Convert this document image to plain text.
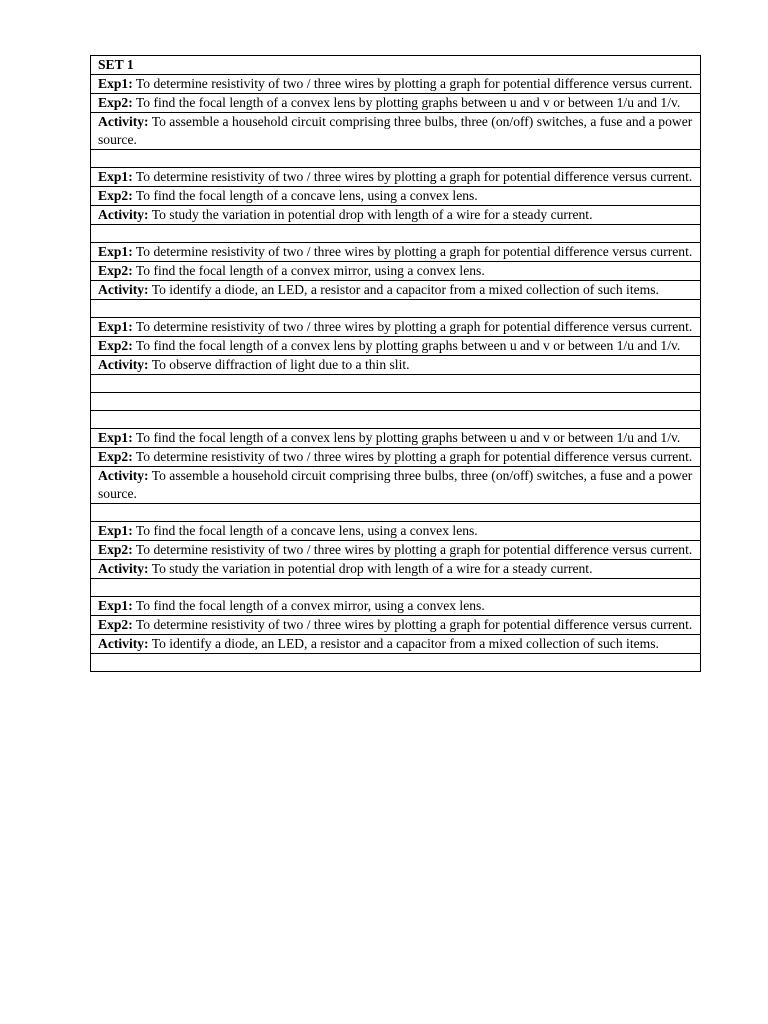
SET 1
Exp1: To determine resistivity of two / three wires by plotting a graph for potential difference versus current.
Exp2: To find the focal length of a convex lens by plotting graphs between u and v or between 1/u and 1/v.
Activity: To assemble a household circuit comprising three bulbs, three (on/off) switches, a fuse and a power source.

Exp1: To determine resistivity of two / three wires by plotting a graph for potential difference versus current.
Exp2: To find the focal length of a concave lens, using a convex lens.
Activity: To study the variation in potential drop with length of a wire for a steady current.

Exp1: To determine resistivity of two / three wires by plotting a graph for potential difference versus current.
Exp2: To find the focal length of a convex mirror, using a convex lens.
Activity: To identify a diode, an LED, a resistor and a capacitor from a mixed collection of such items.

Exp1: To determine resistivity of two / three wires by plotting a graph for potential difference versus current.
Exp2: To find the focal length of a convex lens by plotting graphs between u and v or between 1/u and 1/v.
Activity: To observe diffraction of light due to a thin slit.

Exp1: To find the focal length of a convex lens by plotting graphs between u and v or between 1/u and 1/v.
Exp2: To determine resistivity of two / three wires by plotting a graph for potential difference versus current.
Activity: To assemble a household circuit comprising three bulbs, three (on/off) switches, a fuse and a power source.

Exp1: To find the focal length of a concave lens, using a convex lens.
Exp2: To determine resistivity of two / three wires by plotting a graph for potential difference versus current.
Activity: To study the variation in potential drop with length of a wire for a steady current.

Exp1: To find the focal length of a convex mirror, using a convex lens.
Exp2: To determine resistivity of two / three wires by plotting a graph for potential difference versus current.
Activity: To identify a diode, an LED, a resistor and a capacitor from a mixed collection of such items.
